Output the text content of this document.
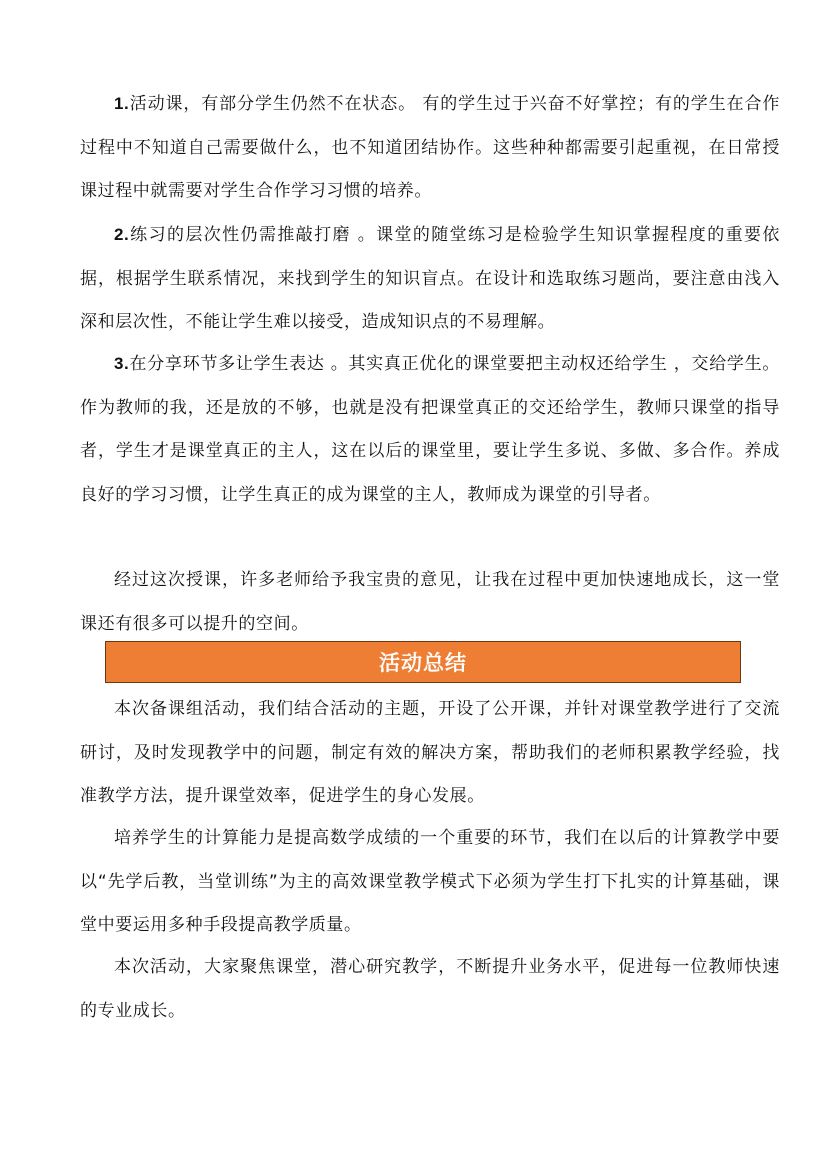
1.活动课，有部分学生仍然不在状态。 有的学生过于兴奋不好掌控；有的学生在合作过程中不知道自己需要做什么，也不知道团结协作。这些种种都需要引起重视，在日常授课过程中就需要对学生合作学习习惯的培养。

2.练习的层次性仍需推敲打磨 。课堂的随堂练习是检验学生知识掌握程度的重要依据，根据学生联系情况，来找到学生的知识盲点。在设计和选取练习题尚，要注意由浅入深和层次性，不能让学生难以接受，造成知识点的不易理解。

3.在分享环节多让学生表达 。其实真正优化的课堂要把主动权还给学生 ，交给学生。作为教师的我，还是放的不够，也就是没有把课堂真正的交还给学生，教师只课堂的指导者，学生才是课堂真正的主人，这在以后的课堂里，要让学生多说、多做、多合作。养成良好的学习习惯，让学生真正的成为课堂的主人，教师成为课堂的引导者。

经过这次授课，许多老师给予我宝贵的意见，让我在过程中更加快速地成长，这一堂课还有很多可以提升的空间。

活动总结

本次备课组活动，我们结合活动的主题，开设了公开课，并针对课堂教学进行了交流研讨，及时发现教学中的问题，制定有效的解决方案，帮助我们的老师积累教学经验，找准教学方法，提升课堂效率，促进学生的身心发展。

培养学生的计算能力是提高数学成绩的一个重要的环节，我们在以后的计算教学中要以“先学后教，当堂训练”为主的高效课堂教学模式下必须为学生打下扎实的计算基础，课堂中要运用多种手段提高教学质量。

本次活动，大家聚焦课堂，潜心研究教学，不断提升业务水平，促进每一位教师快速的专业成长。
